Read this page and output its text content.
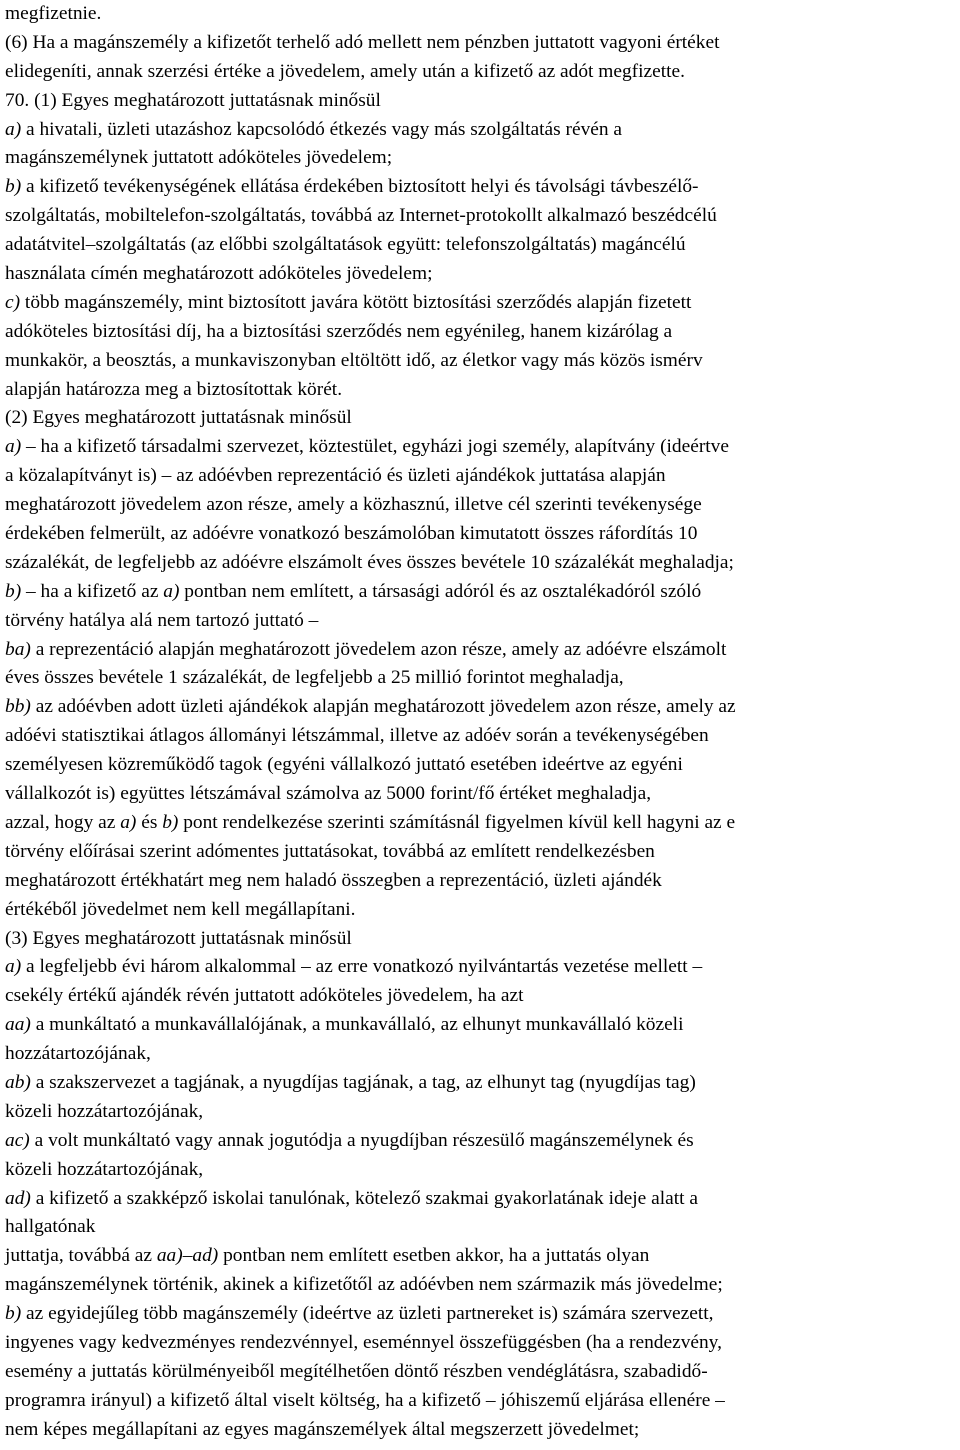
megfizetnie.
(6) Ha a magánszemély a kifizetőt terhelő adó mellett nem pénzben juttatott vagyoni értéket
elidegeníti, annak szerzési értéke a jövedelem, amely után a kifizető az adót megfizette.
70. (1) Egyes meghatározott juttatásnak minősül
a) a hivatali, üzleti utazáshoz kapcsolódó étkezés vagy más szolgáltatás révén a
magánszemélynek juttatott adóköteles jövedelem;
b) a kifizető tevékenységének ellátása érdekében biztosított helyi és távolsági távbeszélő-
szolgáltatás, mobiltelefon-szolgáltatás, továbbá az Internet-protokollt alkalmazó beszédcélú
adatátvitel–szolgáltatás (az előbbi szolgáltatások együtt: telefonszolgáltatás) magáncélú
használata címén meghatározott adóköteles jövedelem;
c) több magánszemély, mint biztosított javára kötött biztosítási szerződés alapján fizetett
adóköteles biztosítási díj, ha a biztosítási szerződés nem egyénileg, hanem kizárólag a
munkakör, a beosztás, a munkaviszonyban eltöltött idő, az életkor vagy más közös ismérv
alapján határozza meg a biztosítottak körét.
(2) Egyes meghatározott juttatásnak minősül
a) – ha a kifizető társadalmi szervezet, köztestület, egyházi jogi személy, alapítvány (ideértve
a közalapítványt is) – az adóévben reprezentáció és üzleti ajándékok juttatása alapján
meghatározott jövedelem azon része, amely a közhasznú, illetve cél szerinti tevékenysége
érdekében felmerült, az adóévre vonatkozó beszámolóban kimutatott összes ráfordítás 10
százalékát, de legfeljebb az adóévre elszámolt éves összes bevétele 10 százalékát meghaladja;
b) – ha a kifizető az a) pontban nem említett, a társasági adóról és az osztalékadóról szóló
törvény hatálya alá nem tartozó juttató –
ba) a reprezentáció alapján meghatározott jövedelem azon része, amely az adóévre elszámolt
éves összes bevétele 1 százalékát, de legfeljebb a 25 millió forintot meghaladja,
bb) az adóévben adott üzleti ajándékok alapján meghatározott jövedelem azon része, amely az
adóévi statisztikai átlagos állományi létszámmal, illetve az adóév során a tevékenységében
személyesen közreműködő tagok (egyéni vállalkozó juttató esetében ideértve az egyéni
vállalkozót is) együttes létszámával számolva az 5000 forint/fő értéket meghaladja,
azzal, hogy az a) és b) pont rendelkezése szerinti számításnál figyelmen kívül kell hagyni az e
törvény előírásai szerint adómentes juttatásokat, továbbá az említett rendelkezésben
meghatározott értékhatárt meg nem haladó összegben a reprezentáció, üzleti ajándék
értékéből jövedelmet nem kell megállapítani.
(3) Egyes meghatározott juttatásnak minősül
a) a legfeljebb évi három alkalommal – az erre vonatkozó nyilvántartás vezetése mellett –
csekély értékű ajándék révén juttatott adóköteles jövedelem, ha azt
aa) a munkáltató a munkavállalójának, a munkavállaló, az elhunyt munkavállaló közeli
hozzátartozójának,
ab) a szakszervezet a tagjának, a nyugdíjas tagjának, a tag, az elhunyt tag (nyugdíjas tag)
közeli hozzátartozójának,
ac) a volt munkáltató vagy annak jogutódja a nyugdíjban részesülő magánszemélynek és
közeli hozzátartozójának,
ad) a kifizető a szakképző iskolai tanulónak, kötelező szakmai gyakorlatának ideje alatt a
hallgatónak
juttatja, továbbá az aa)–ad) pontban nem említett esetben akkor, ha a juttatás olyan
magánszemélynek történik, akinek a kifizetőtől az adóévben nem származik más jövedelme;
b) az egyidejűleg több magánszemély (ideértve az üzleti partnereket is) számára szervezett,
ingyenes vagy kedvezményes rendezvénnyel, eseménnyel összefüggésben (ha a rendezvény,
esemény a juttatás körülményeiből megítélhetően döntő részben vendéglátásra, szabadidő-
programra irányul) a kifizető által viselt költség, ha a kifizető – jóhiszemű eljárása ellenére –
nem képes megállapítani az egyes magánszemélyek által megszerzett jövedelmet;
